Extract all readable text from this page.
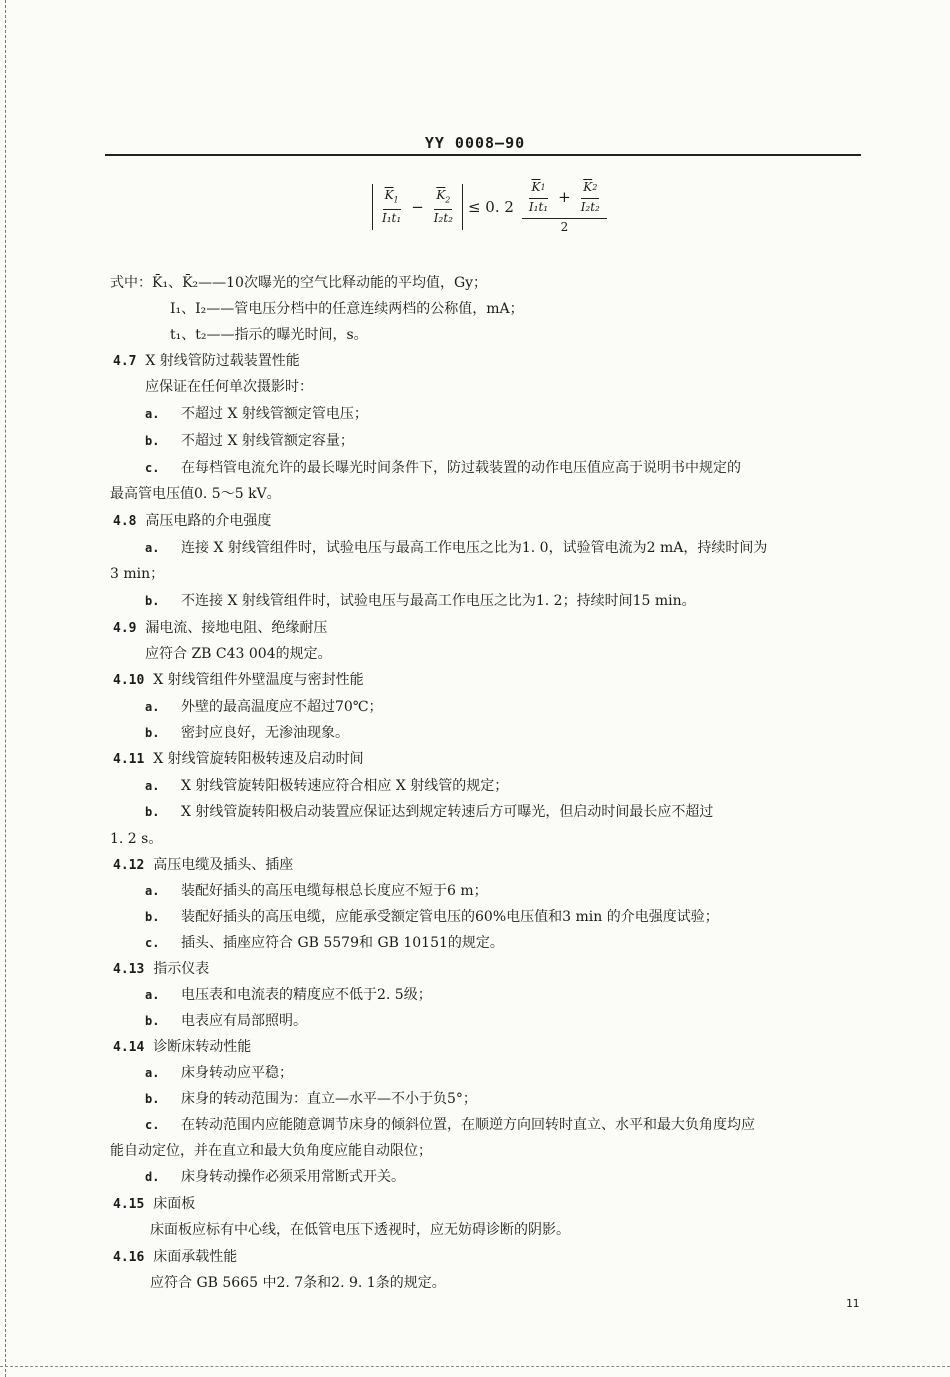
YY 0008—90
$\frac{\overline{K}_1}{\text{I₁t₁}} - \frac{\overline{K}_2}{\text{I₂t₂}} \le 0$. $2 \frac{\overline{K} 1}{\text{I₁t₁}} + \frac{\overline{K} 2}{\text{I₂t₂}}$
2
式中：K̄₁、K̄₂——10次曝光的空气比释动能的平均值，Gy；
I₁、I₂——管电压分档中的任意连续两档的公称值，mA；
t₁、t₂——指示的曝光时间，s。
4.7 X 射线管防过载装置性能
应保证在任何单次摄影时：
a. 不超过 X 射线管额定管电压；
b. 不超过 X 射线管额定容量；
c. 在每档管电流允许的最长曝光时间条件下，防过载装置的动作电压值应高于说明书中规定的
最高管电压值0. 5～5 kV。
4.8 高压电路的介电强度
a. 连接 X 射线管组件时，试验电压与最高工作电压之比为1. 0，试验管电流为2 mA，持续时间为
3 min；
b. 不连接 X 射线管组件时，试验电压与最高工作电压之比为1. 2；持续时间15 min。
4.9 漏电流、接地电阻、绝缘耐压
应符合 ZB C43 004的规定。
4.10 X 射线管组件外壁温度与密封性能
a. 外壁的最高温度应不超过70℃；
b. 密封应良好，无渗油现象。
4.11 X 射线管旋转阳极转速及启动时间
a. X 射线管旋转阳极转速应符合相应 X 射线管的规定；
b. X 射线管旋转阳极启动装置应保证达到规定转速后方可曝光，但启动时间最长应不超过
1. 2 s。
4.12 高压电缆及插头、插座
a. 装配好插头的高压电缆每根总长度应不短于6 m；
b. 装配好插头的高压电缆，应能承受额定管电压的60%电压值和3 min 的介电强度试验；
c. 插头、插座应符合 GB 5579和 GB 10151的规定。
4.13 指示仪表
a. 电压表和电流表的精度应不低于2. 5级；
b. 电表应有局部照明。
4.14 诊断床转动性能
a. 床身转动应平稳；
b. 床身的转动范围为：直立—水平—不小于负5°；
c. 在转动范围内应能随意调节床身的倾斜位置，在顺逆方向回转时直立、水平和最大负角度均应
能自动定位，并在直立和最大负角度应能自动限位；
d. 床身转动操作必须采用常断式开关。
4.15 床面板
床面板应标有中心线，在低管电压下透视时，应无妨碍诊断的阴影。
4.16 床面承载性能
应符合 GB 5665 中2. 7条和2. 9. 1条的规定。
11
